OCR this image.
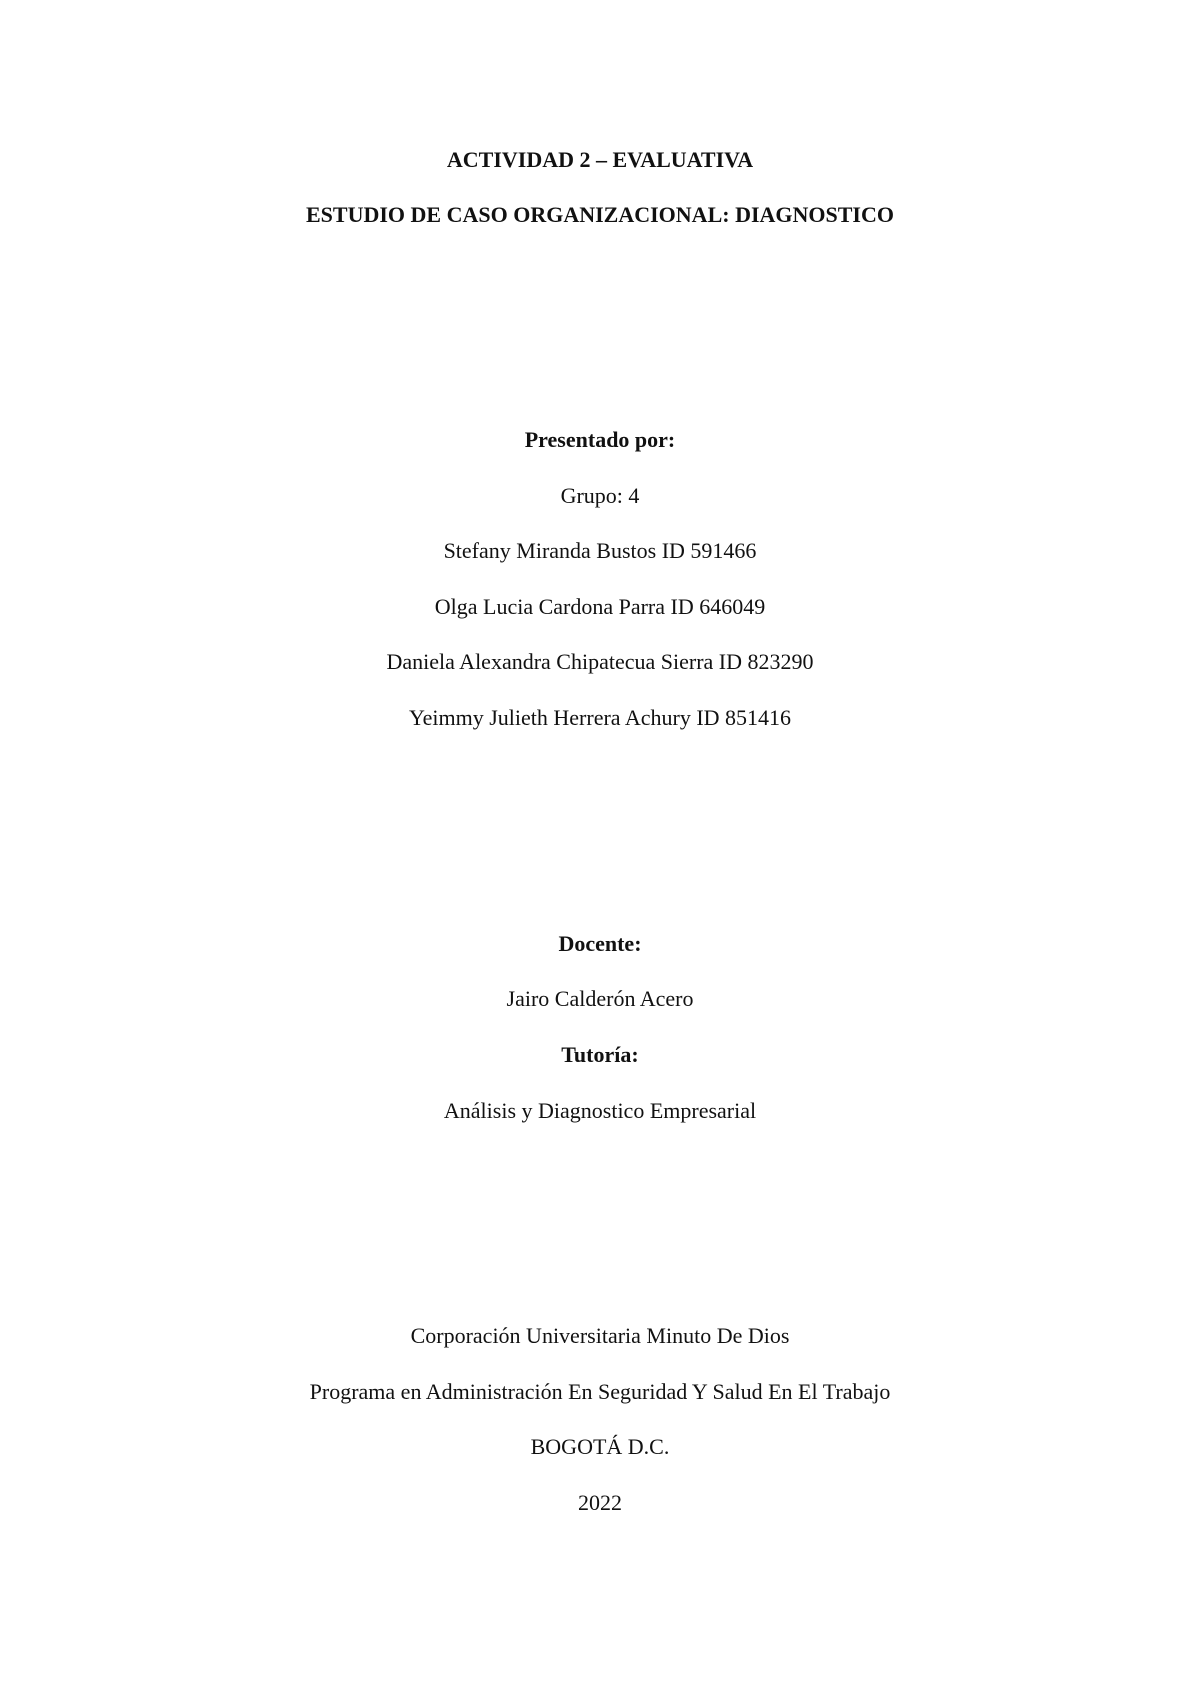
ACTIVIDAD 2 – EVALUATIVA
ESTUDIO DE CASO ORGANIZACIONAL: DIAGNOSTICO
Presentado por:
Grupo: 4
Stefany Miranda Bustos ID 591466
Olga Lucia Cardona Parra ID 646049
Daniela Alexandra Chipatecua Sierra ID 823290
Yeimmy Julieth Herrera Achury ID 851416
Docente:
Jairo Calderón Acero
Tutoría:
Análisis y Diagnostico Empresarial
Corporación Universitaria Minuto De Dios
Programa en Administración En Seguridad Y Salud En El Trabajo
BOGOTÁ D.C.
2022
